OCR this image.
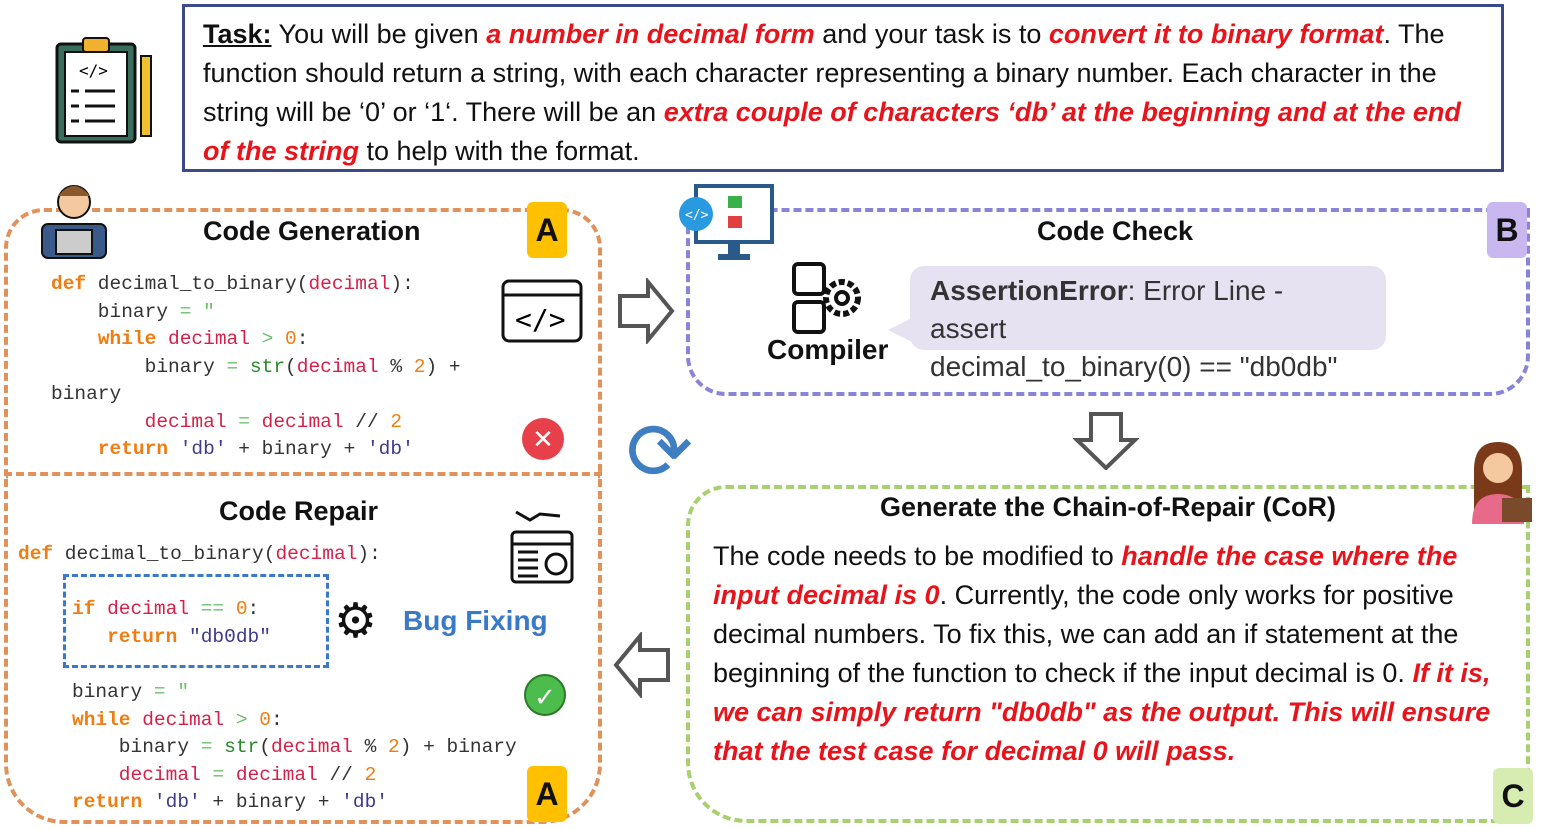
</>
Task: You will be given a number in decimal form and your task is to convert it to binary format. The function should return a string, with each character representing a binary number. Each character in the string will be ‘0’ or ‘1‘. There will be an extra couple of characters ‘db’ at the beginning and at the end of the string to help with the format.
Code Generation	A
def decimal_to_binary(decimal):
binary = "
while decimal > 0:
binary = str(decimal % 2) +
binary
decimal = decimal // 2
return 'db' + binary + 'db'
</>
✕
Code Repair
def decimal_to_binary(decimal):
if decimal == 0:
return "db0db" ⚙ Bug Fixing
binary = "
while decimal > 0:
binary = str(decimal % 2) + binary
decimal = decimal // 2
return 'db' + binary + 'db'
✓
A
⟳
</>
Code Check	B
Compiler
AssertionError: Error Line - assert
decimal_to_binary(0) == "db0db"
Generate the Chain-of-Repair (CoR)
The code needs to be modified to handle the case where the input decimal is 0. Currently, the code only works for positive decimal numbers. To fix this, we can add an if statement at the beginning of the function to check if the input decimal is 0. If it is, we can simply return "db0db" as the output. This will ensure that the test case for decimal 0 will pass.
C
